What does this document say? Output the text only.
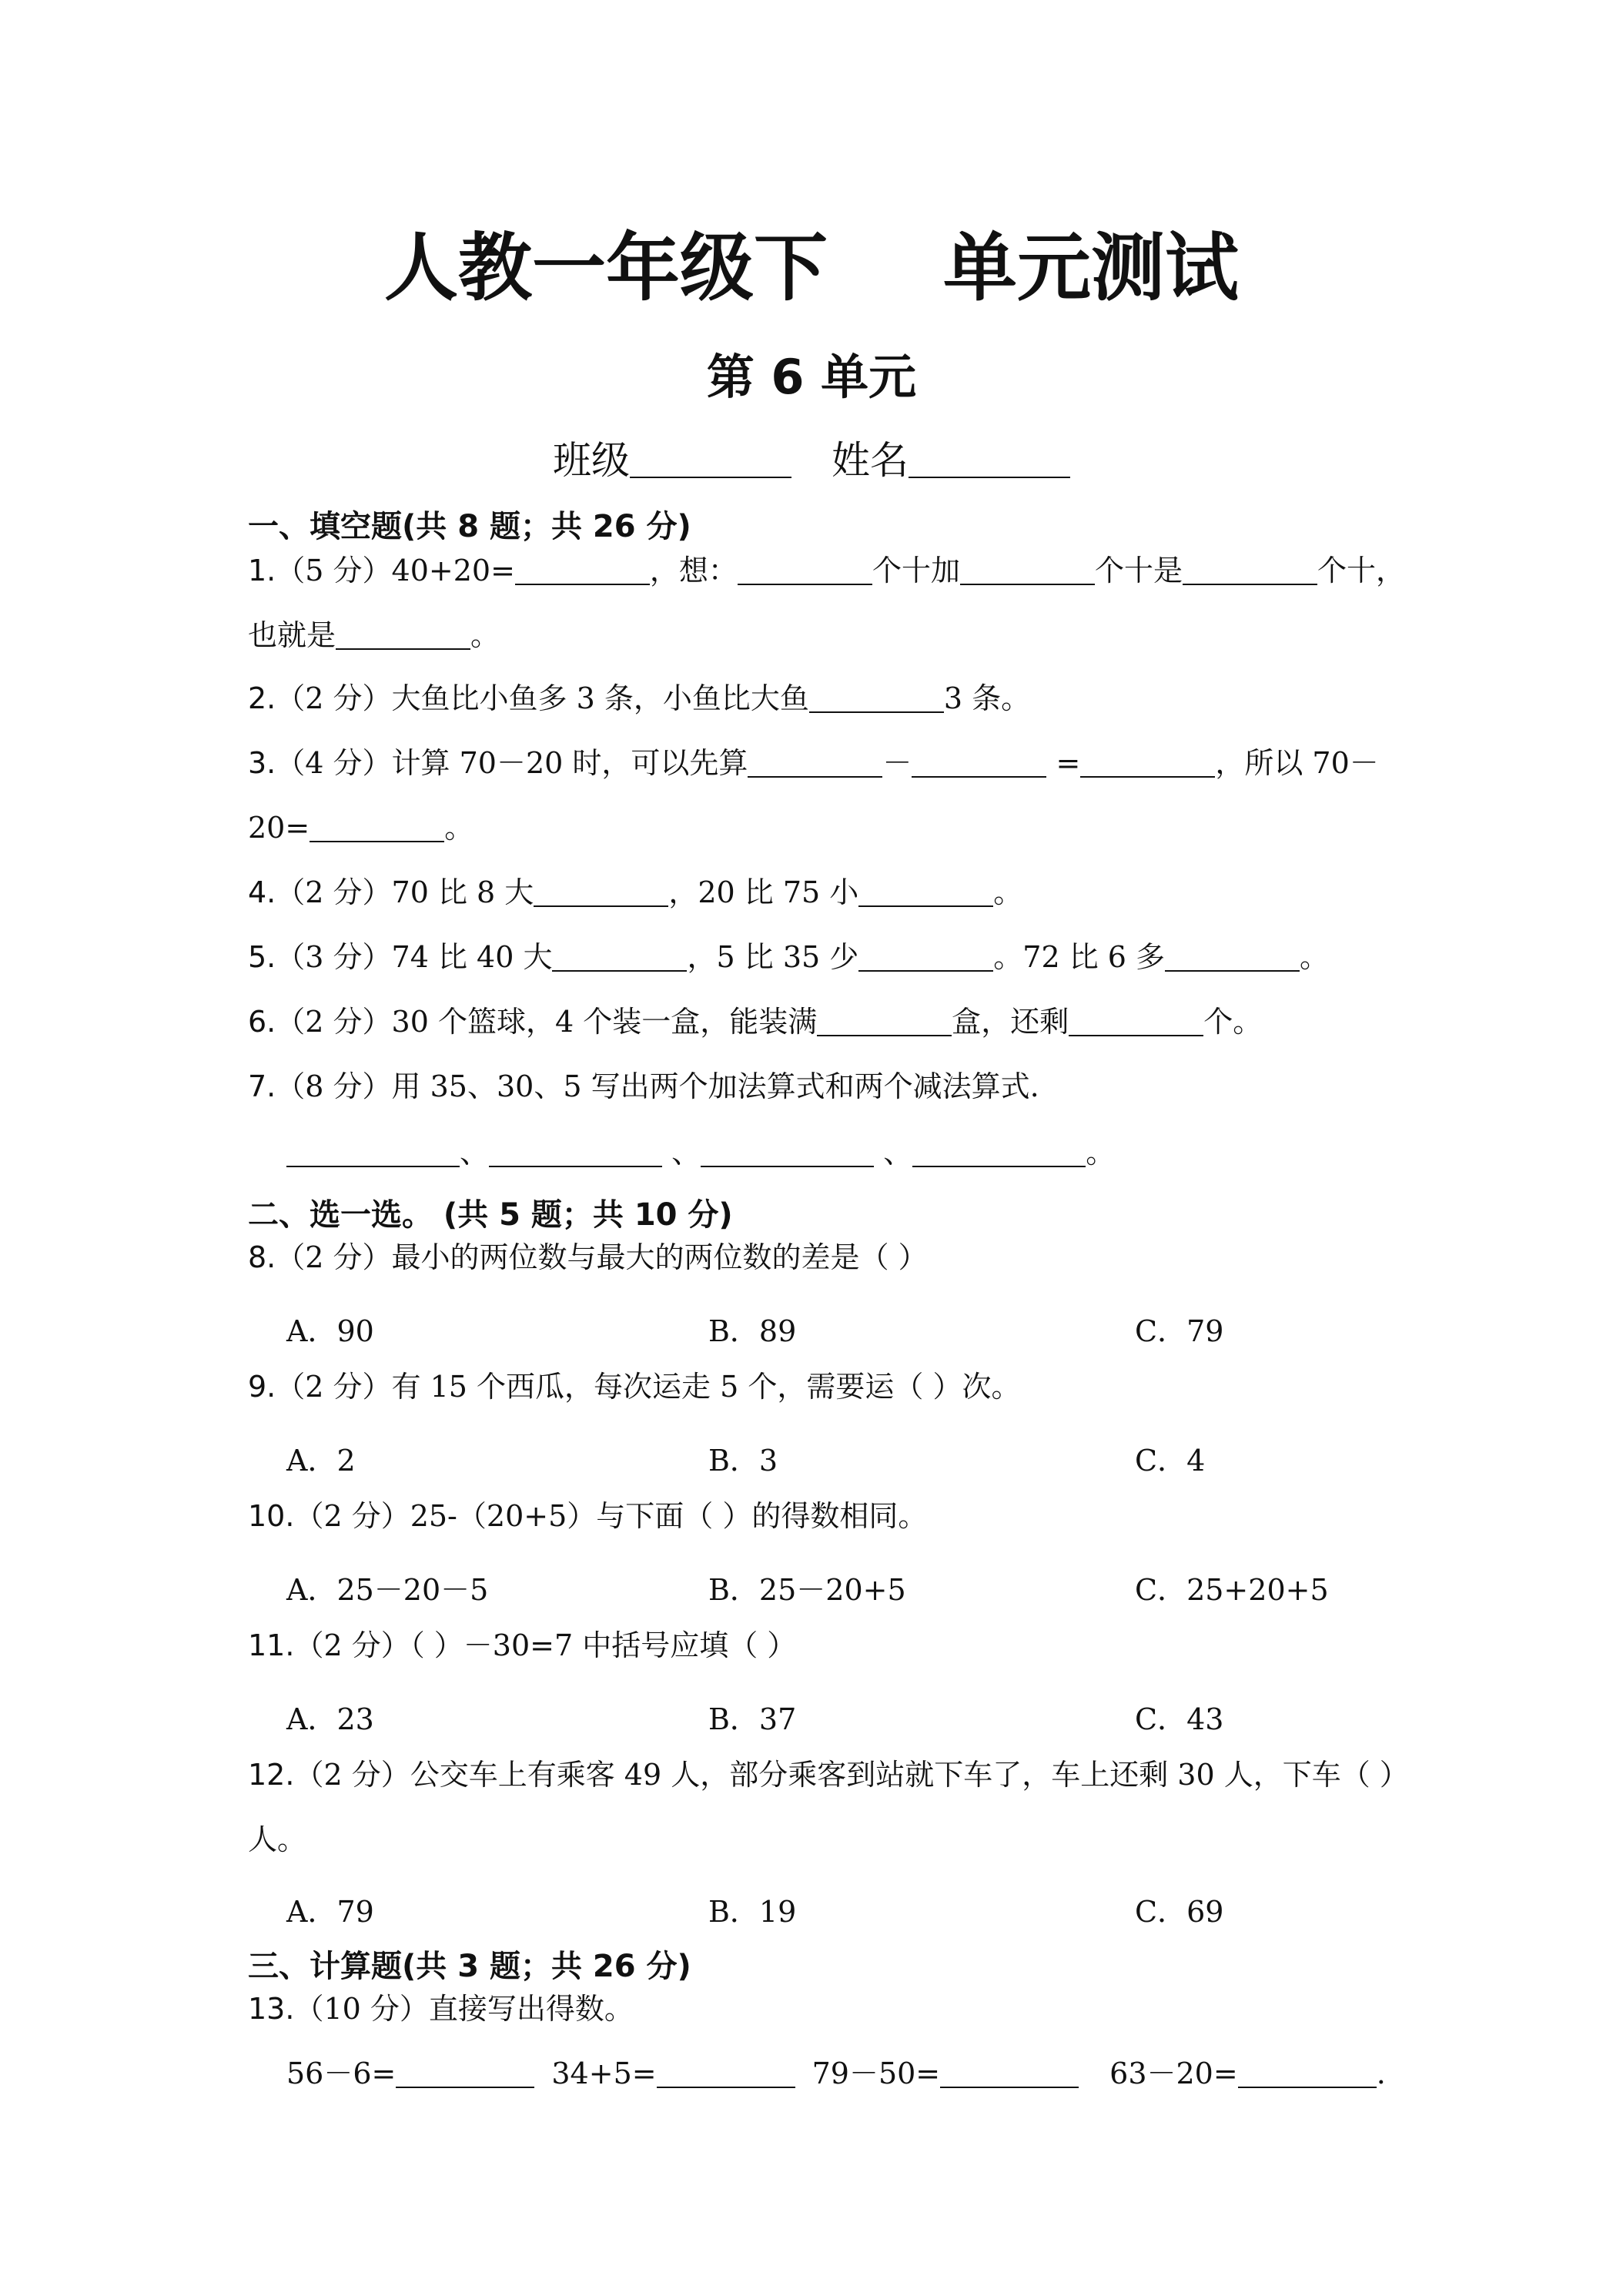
人教一年级下 单元测试
第 6 单元
班级	姓名
一、填空题(共 8 题；共 26 分)
1.（5 分）40+20=	，想：	个十加	个十是	个十，
也就是	。
2.（2 分）大鱼比小鱼多 3 条，小鱼比大鱼	3 条。
3.（4 分）计算 70－20 时，可以先算	－	=	，所以 70－
20=	。
4.（2 分）70 比 8 大	，20 比 75 小	。
5.（3 分）74 比 40 大	，5 比 35 少	。72 比 6 多	。
6.（2 分）30 个篮球，4 个装一盒，能装满	盒，还剩	个。
7.（8 分）用 35、30、5 写出两个加法算式和两个减法算式.
、	、	、	。
二、选一选。 (共 5 题；共 10 分)
8.（2 分）最小的两位数与最大的两位数的差是（ ）
A．90	B．89	C．79
9.（2 分）有 15 个西瓜，每次运走 5 个，需要运（ ）次。
A．2	B．3	C．4
10.（2 分）25-（20+5）与下面（ ）的得数相同。
A．25－20－5	B．25－20+5	C．25+20+5
11.（2 分）（ ）－30=7 中括号应填（ ）
A．23	B．37	C．43
12.（2 分）公交车上有乘客 49 人，部分乘客到站就下车了，车上还剩 30 人，下车（ ）
人。
A．79	B．19	C．69
三、计算题(共 3 题；共 26 分)
13.（10 分）直接写出得数。
56－6=	34+5=	79－50=	63－20=	.
